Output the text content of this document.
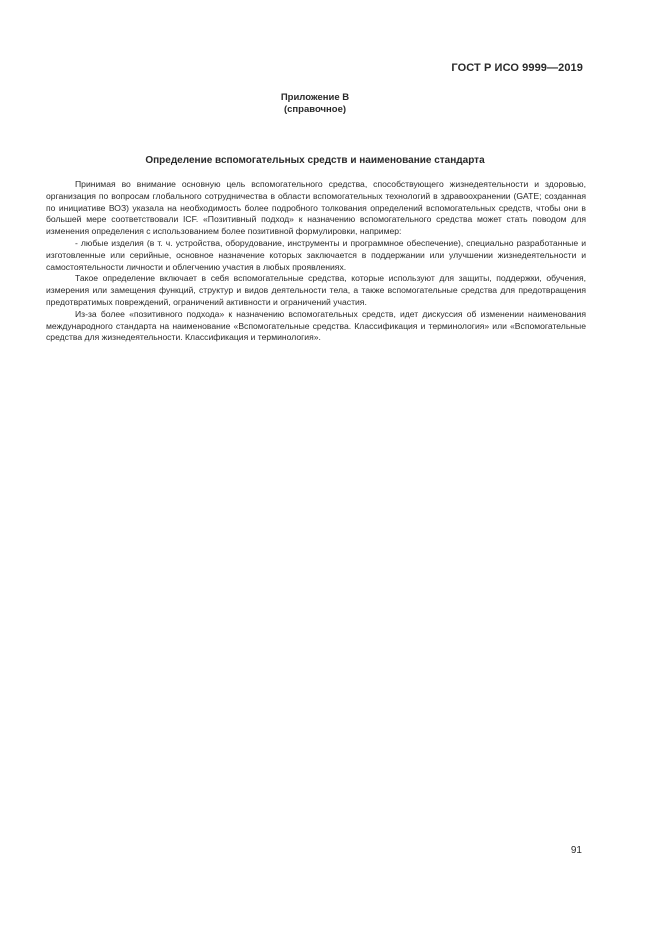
ГОСТ Р ИСО 9999—2019
Приложение В
(справочное)
Определение вспомогательных средств и наименование стандарта

Принимая во внимание основную цель вспомогательного средства, способствующего жизнедеятельности и здоровью, организация по вопросам глобального сотрудничества в области вспомогательных технологий в здравоохранении (GATE; созданная по инициативе ВОЗ) указала на необходимость более подробного толкования определений вспомогательных средств, чтобы они в большей мере соответствовали ICF. «Позитивный подход» к назначению вспомогательного средства может стать поводом для изменения определения с использованием более позитивной формулировки, например:

- любые изделия (в т. ч. устройства, оборудование, инструменты и программное обеспечение), специально разработанные и изготовленные или серийные, основное назначение которых заключается в поддержании или улучшении жизнедеятельности и самостоятельности личности и облегчению участия в любых проявлениях.

Такое определение включает в себя вспомогательные средства, которые используют для защиты, поддержки, обучения, измерения или замещения функций, структур и видов деятельности тела, а также вспомогательные средства для предотвращения предотвратимых повреждений, ограничений активности и ограничений участия.

Из-за более «позитивного подхода» к назначению вспомогательных средств, идет дискуссия об изменении наименования международного стандарта на наименование «Вспомогательные средства. Классификация и терминология» или «Вспомогательные средства для жизнедеятельности. Классификация и терминология».

91
